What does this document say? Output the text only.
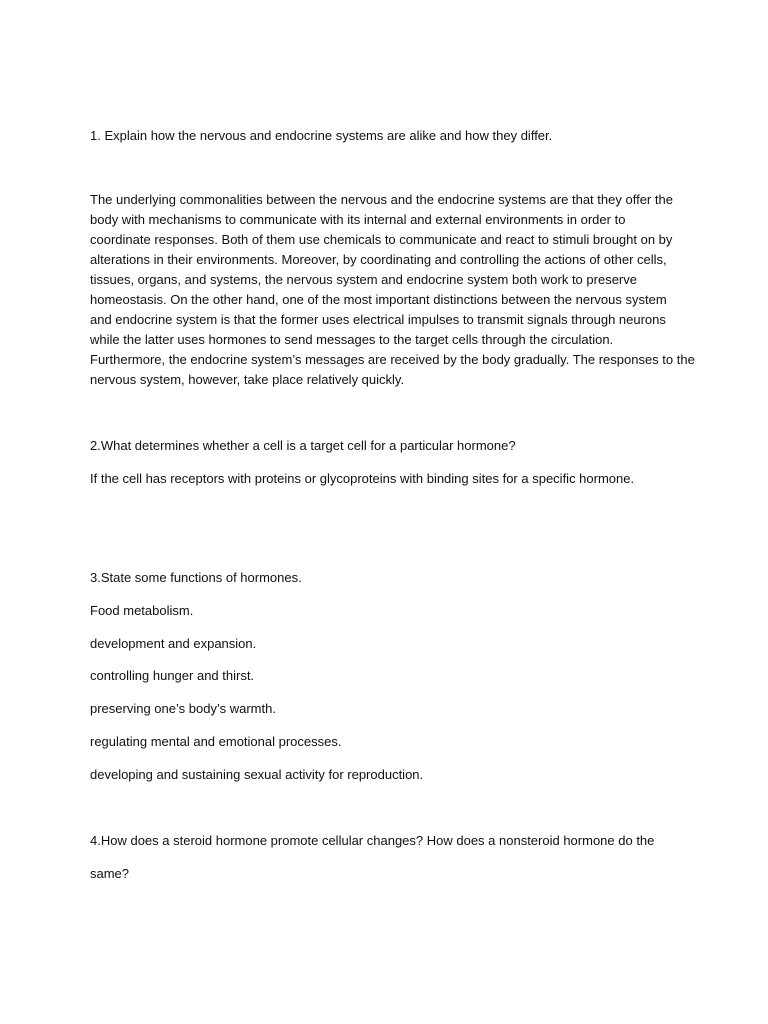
1. Explain how the nervous and endocrine systems are alike and how they differ.
The underlying commonalities between the nervous and the endocrine systems are that they offer the
body with mechanisms to communicate with its internal and external environments in order to
coordinate responses. Both of them use chemicals to communicate and react to stimuli brought on by
alterations in their environments. Moreover, by coordinating and controlling the actions of other cells,
tissues, organs, and systems, the nervous system and endocrine system both work to preserve
homeostasis. On the other hand, one of the most important distinctions between the nervous system
and endocrine system is that the former uses electrical impulses to transmit signals through neurons
while the latter uses hormones to send messages to the target cells through the circulation.
Furthermore, the endocrine system’s messages are received by the body gradually. The responses to the
nervous system, however, take place relatively quickly.
2.What determines whether a cell is a target cell for a particular hormone?
If the cell has receptors with proteins or glycoproteins with binding sites for a specific hormone.
3.State some functions of hormones.
Food metabolism.
development and expansion.
controlling hunger and thirst.
preserving one’s body’s warmth.
regulating mental and emotional processes.
developing and sustaining sexual activity for reproduction.
4.How does a steroid hormone promote cellular changes? How does a nonsteroid hormone do the
same?
